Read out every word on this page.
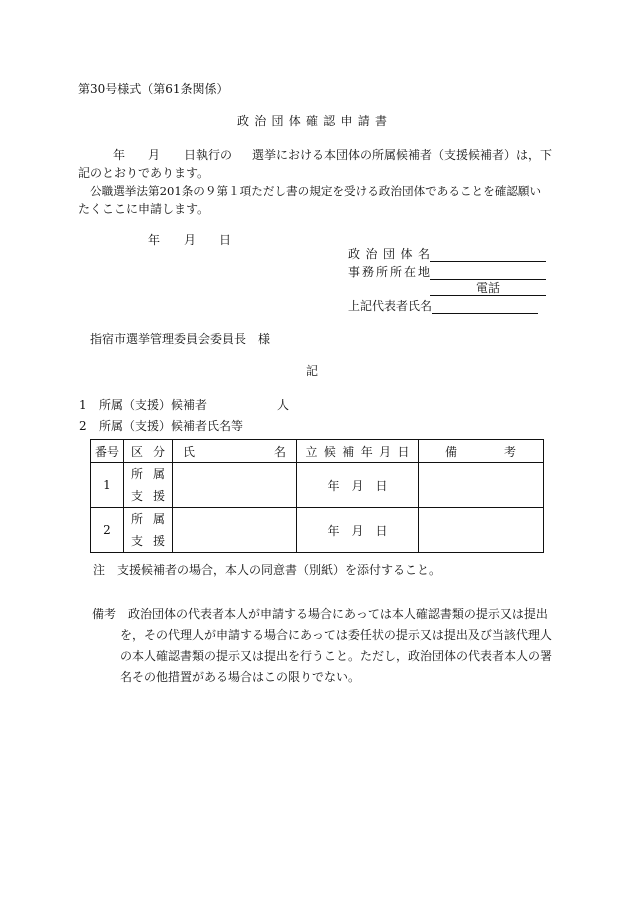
第30号様式（第61条関係）
政治団体確認申請書
年 月 日執行の 選挙における本団体の所属候補者（支援候補者）は，下
記のとおりであります。
公職選挙法第201条の９第１項ただし書の規定を受ける政治団体であることを確認願い
たくここに申請します。
年 月 日
政治団体名
事務所所在地
電話
上記代表者氏名
指宿市選挙管理委員会委員長　様
記
1 所属（支援）候補者	人
2 所属（支援）候補者氏名等
番号	区分	氏 名	立候補年月日	備 考

1	所属
支援		年　月　日	
2	所属
支援		年　月　日	
注　支援候補者の場合，本人の同意書（別紙）を添付すること。
備考 政治団体の代表者本人が申請する場合にあっては本人確認書類の提示又は提出
を，その代理人が申請する場合にあっては委任状の提示又は提出及び当該代理人
の本人確認書類の提示又は提出を行うこと。ただし，政治団体の代表者本人の署
名その他措置がある場合はこの限りでない。
